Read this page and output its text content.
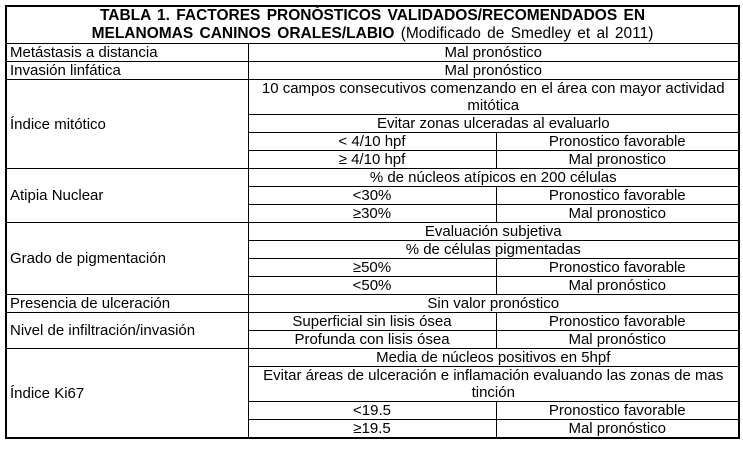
TABLA 1. FACTORES PRONÓSTICOS VALIDADOS/RECOMENDADOS EN
MELANOMAS CANINOS ORALES/LABIO (Modificado de Smedley et al 2011)		

Metástasis a distancia	Mal pronóstico	
Invasión linfática	Mal pronóstico	
Índice mitótico	10 campos consecutivos comenzando en el área con mayor actividad mitótica	
	Evitar zonas ulceradas al evaluarlo	
	< 4/10 hpf	Pronostico favorable
	≥ 4/10 hpf	Mal pronostico
Atipia Nuclear	% de núcleos atípicos en 200 células	
	<30%	Pronostico favorable
	≥30%	Mal pronostico
Grado de pigmentación	Evaluación subjetiva	
	% de células pigmentadas	
	≥50%	Pronostico favorable
	<50%	Mal pronóstico
Presencia de ulceración	Sin valor pronóstico	
Nivel de infiltración/invasión	Superficial sin lisis ósea	Pronostico favorable
	Profunda con lisis ósea	Mal pronóstico
Índice Ki67	Media de núcleos positivos en 5hpf	
	Evitar áreas de ulceración e inflamación evaluando las zonas de mas tinción	
	<19.5	Pronostico favorable
	≥19.5	Mal pronóstico
